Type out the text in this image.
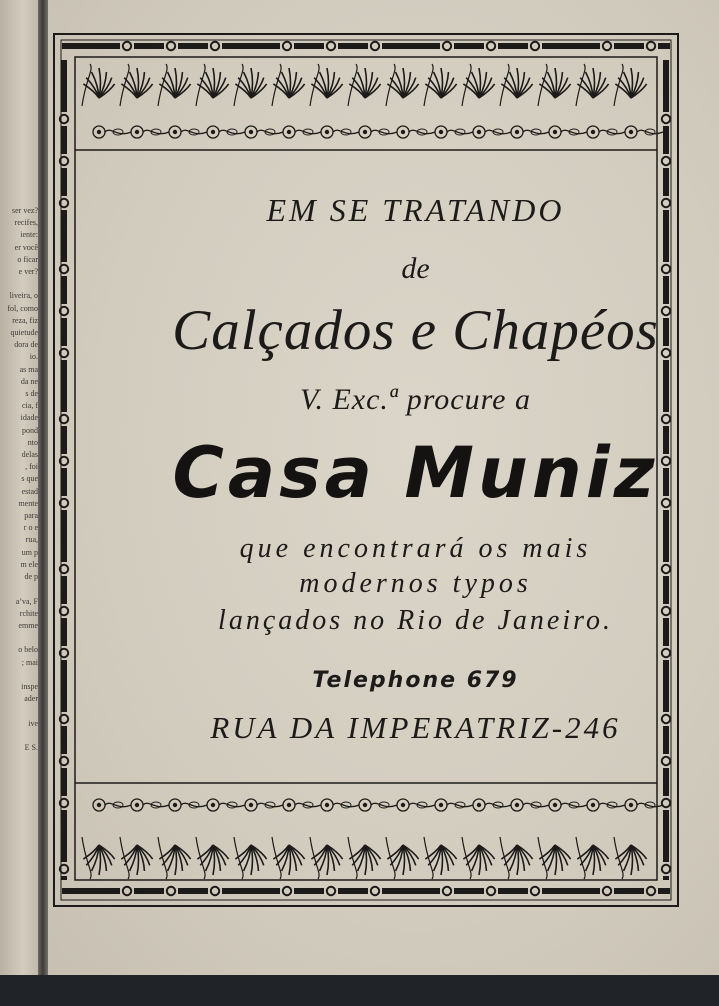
ser vez?
recifes,
iente:
er você
o ficar
e ver?

liveira, o
fol, como
reza, fiz
quietude
dora de
io.
as ma
da ne
s de
cia, f
idade
pond
nto
delas
, foi
s que
estad
mente
para
r o e
rua,
um p
m ele
de p

a’va, F
rchite
emme

o belo
; mai

inspe
ader

ive

E S.
EM SE TRATANDO
de
Calçados e Chapéos
V. Exc.ª procure a
Casa Muniz
que encontrará os mais
modernos typos
lançados no Rio de Janeiro.
Telephone 679
RUA DA IMPERATRIZ-246
